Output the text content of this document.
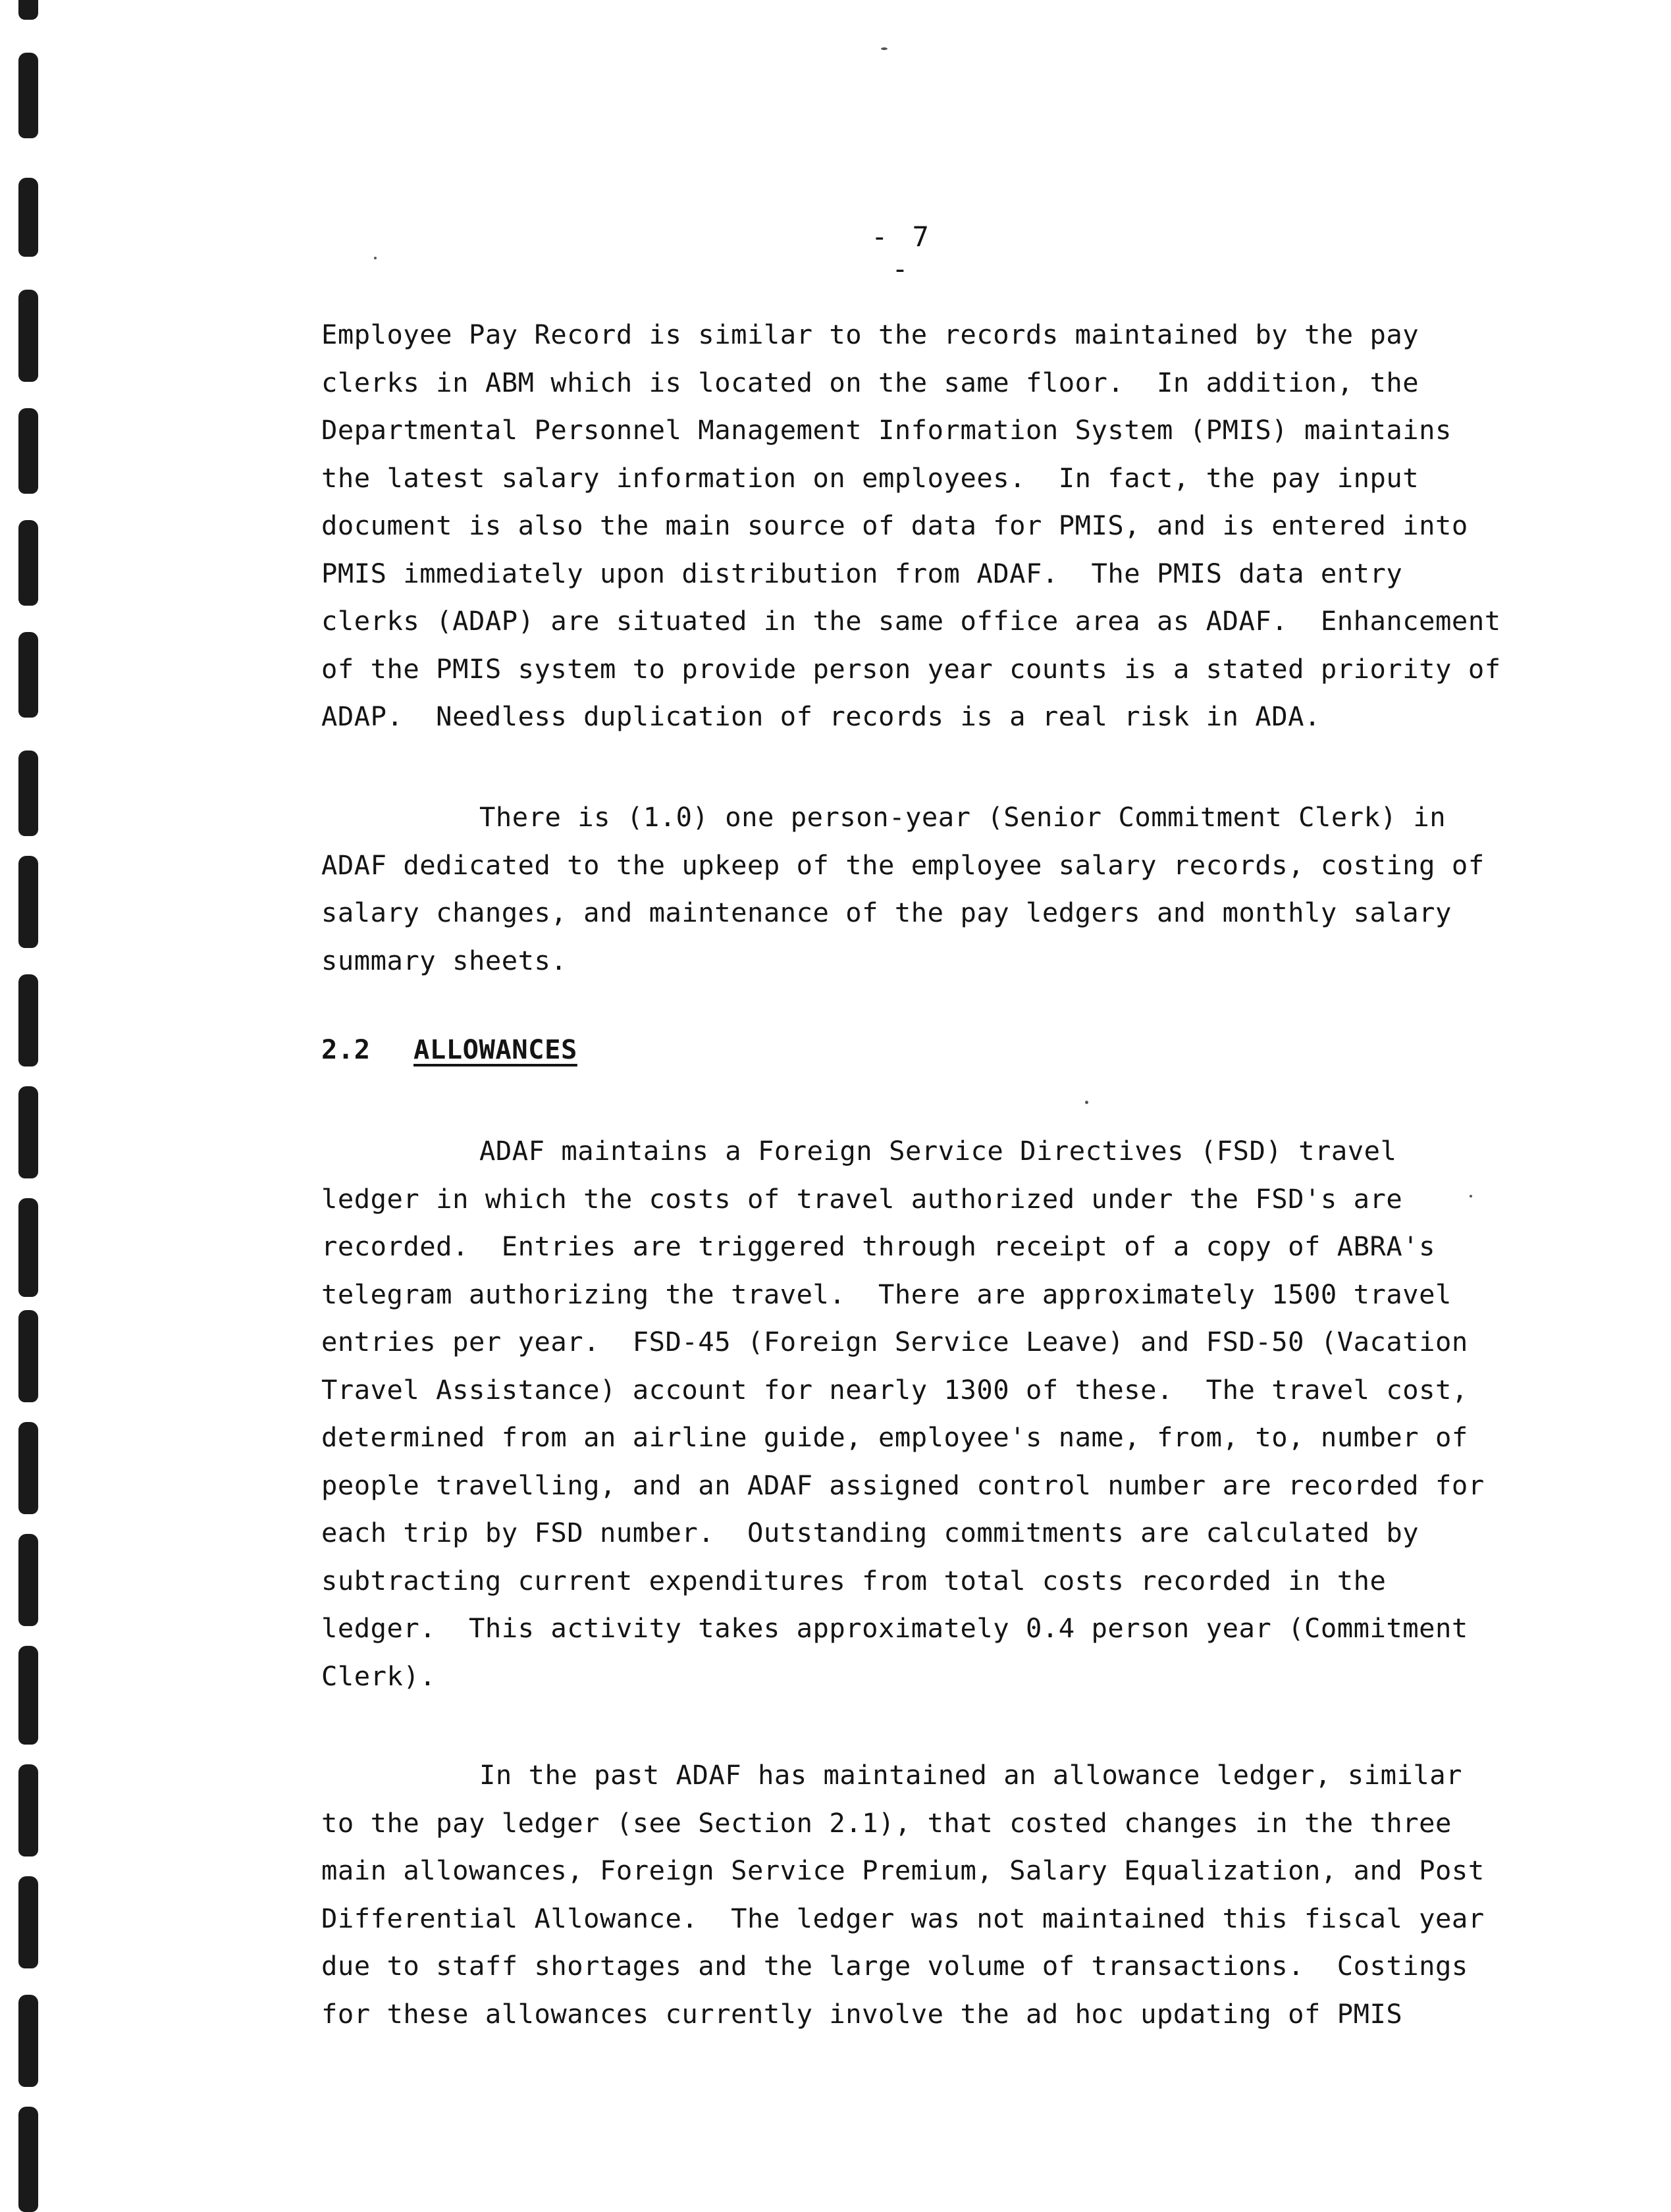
- 7 -
Employee Pay Record is similar to the records maintained by the pay
clerks in ABM which is located on the same floor.  In addition, the
Departmental Personnel Management Information System (PMIS) maintains
the latest salary information on employees.  In fact, the pay input
document is also the main source of data for PMIS, and is entered into
PMIS immediately upon distribution from ADAF.  The PMIS data entry
clerks (ADAP) are situated in the same office area as ADAF.  Enhancement
of the PMIS system to provide person year counts is a stated priority of
ADAP.  Needless duplication of records is a real risk in ADA.
There is (1.0) one person-year (Senior Commitment Clerk) in
ADAF dedicated to the upkeep of the employee salary records, costing of
salary changes, and maintenance of the pay ledgers and monthly salary
summary sheets.
2.2 ALLOWANCES
ADAF maintains a Foreign Service Directives (FSD) travel
ledger in which the costs of travel authorized under the FSD's are
recorded.  Entries are triggered through receipt of a copy of ABRA's
telegram authorizing the travel.  There are approximately 1500 travel
entries per year.  FSD-45 (Foreign Service Leave) and FSD-50 (Vacation
Travel Assistance) account for nearly 1300 of these.  The travel cost,
determined from an airline guide, employee's name, from, to, number of
people travelling, and an ADAF assigned control number are recorded for
each trip by FSD number.  Outstanding commitments are calculated by
subtracting current expenditures from total costs recorded in the
ledger.  This activity takes approximately 0.4 person year (Commitment
Clerk).
In the past ADAF has maintained an allowance ledger, similar
to the pay ledger (see Section 2.1), that costed changes in the three
main allowances, Foreign Service Premium, Salary Equalization, and Post
Differential Allowance.  The ledger was not maintained this fiscal year
due to staff shortages and the large volume of transactions.  Costings
for these allowances currently involve the ad hoc updating of PMIS
